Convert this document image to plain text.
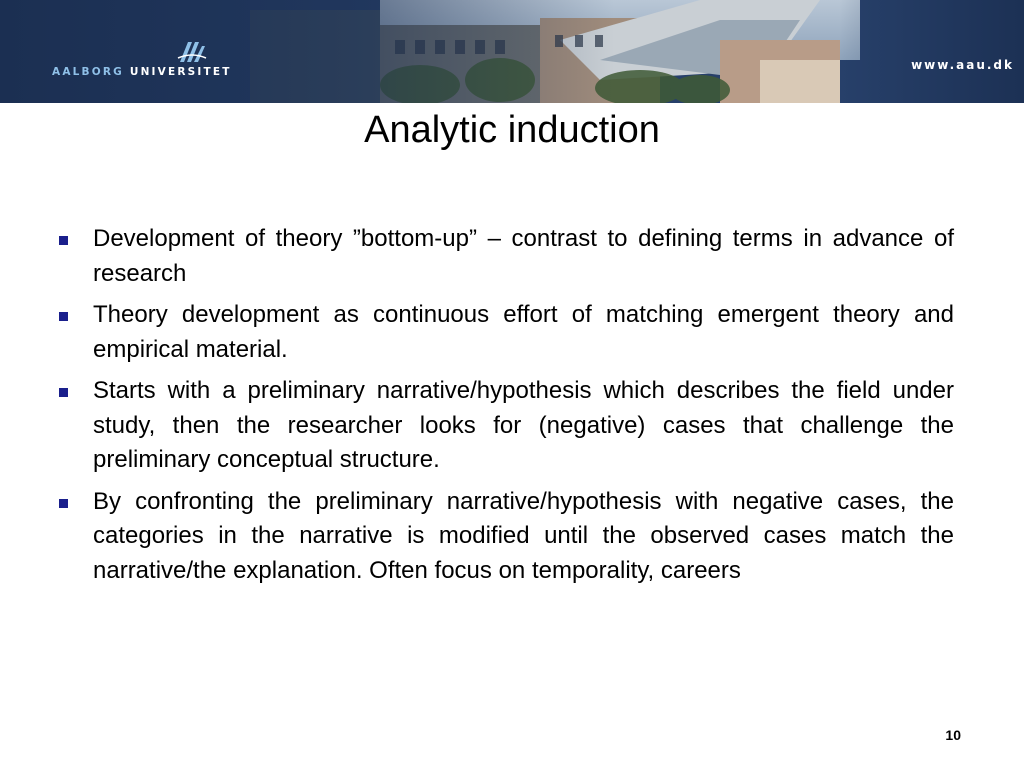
AALBORG UNIVERSITET	www.aau.dk
Analytic induction
Development of theory ”bottom-up” – contrast to defining terms in advance of research
Theory development as continuous effort of matching emergent theory and empirical material.
Starts with a preliminary narrative/hypothesis which describes the field under study, then the researcher looks for (negative) cases that challenge the preliminary conceptual structure.
By confronting the preliminary narrative/hypothesis with negative cases, the categories in the narrative is modified until the observed cases match the narrative/the explanation. Often focus on temporality, careers
10
